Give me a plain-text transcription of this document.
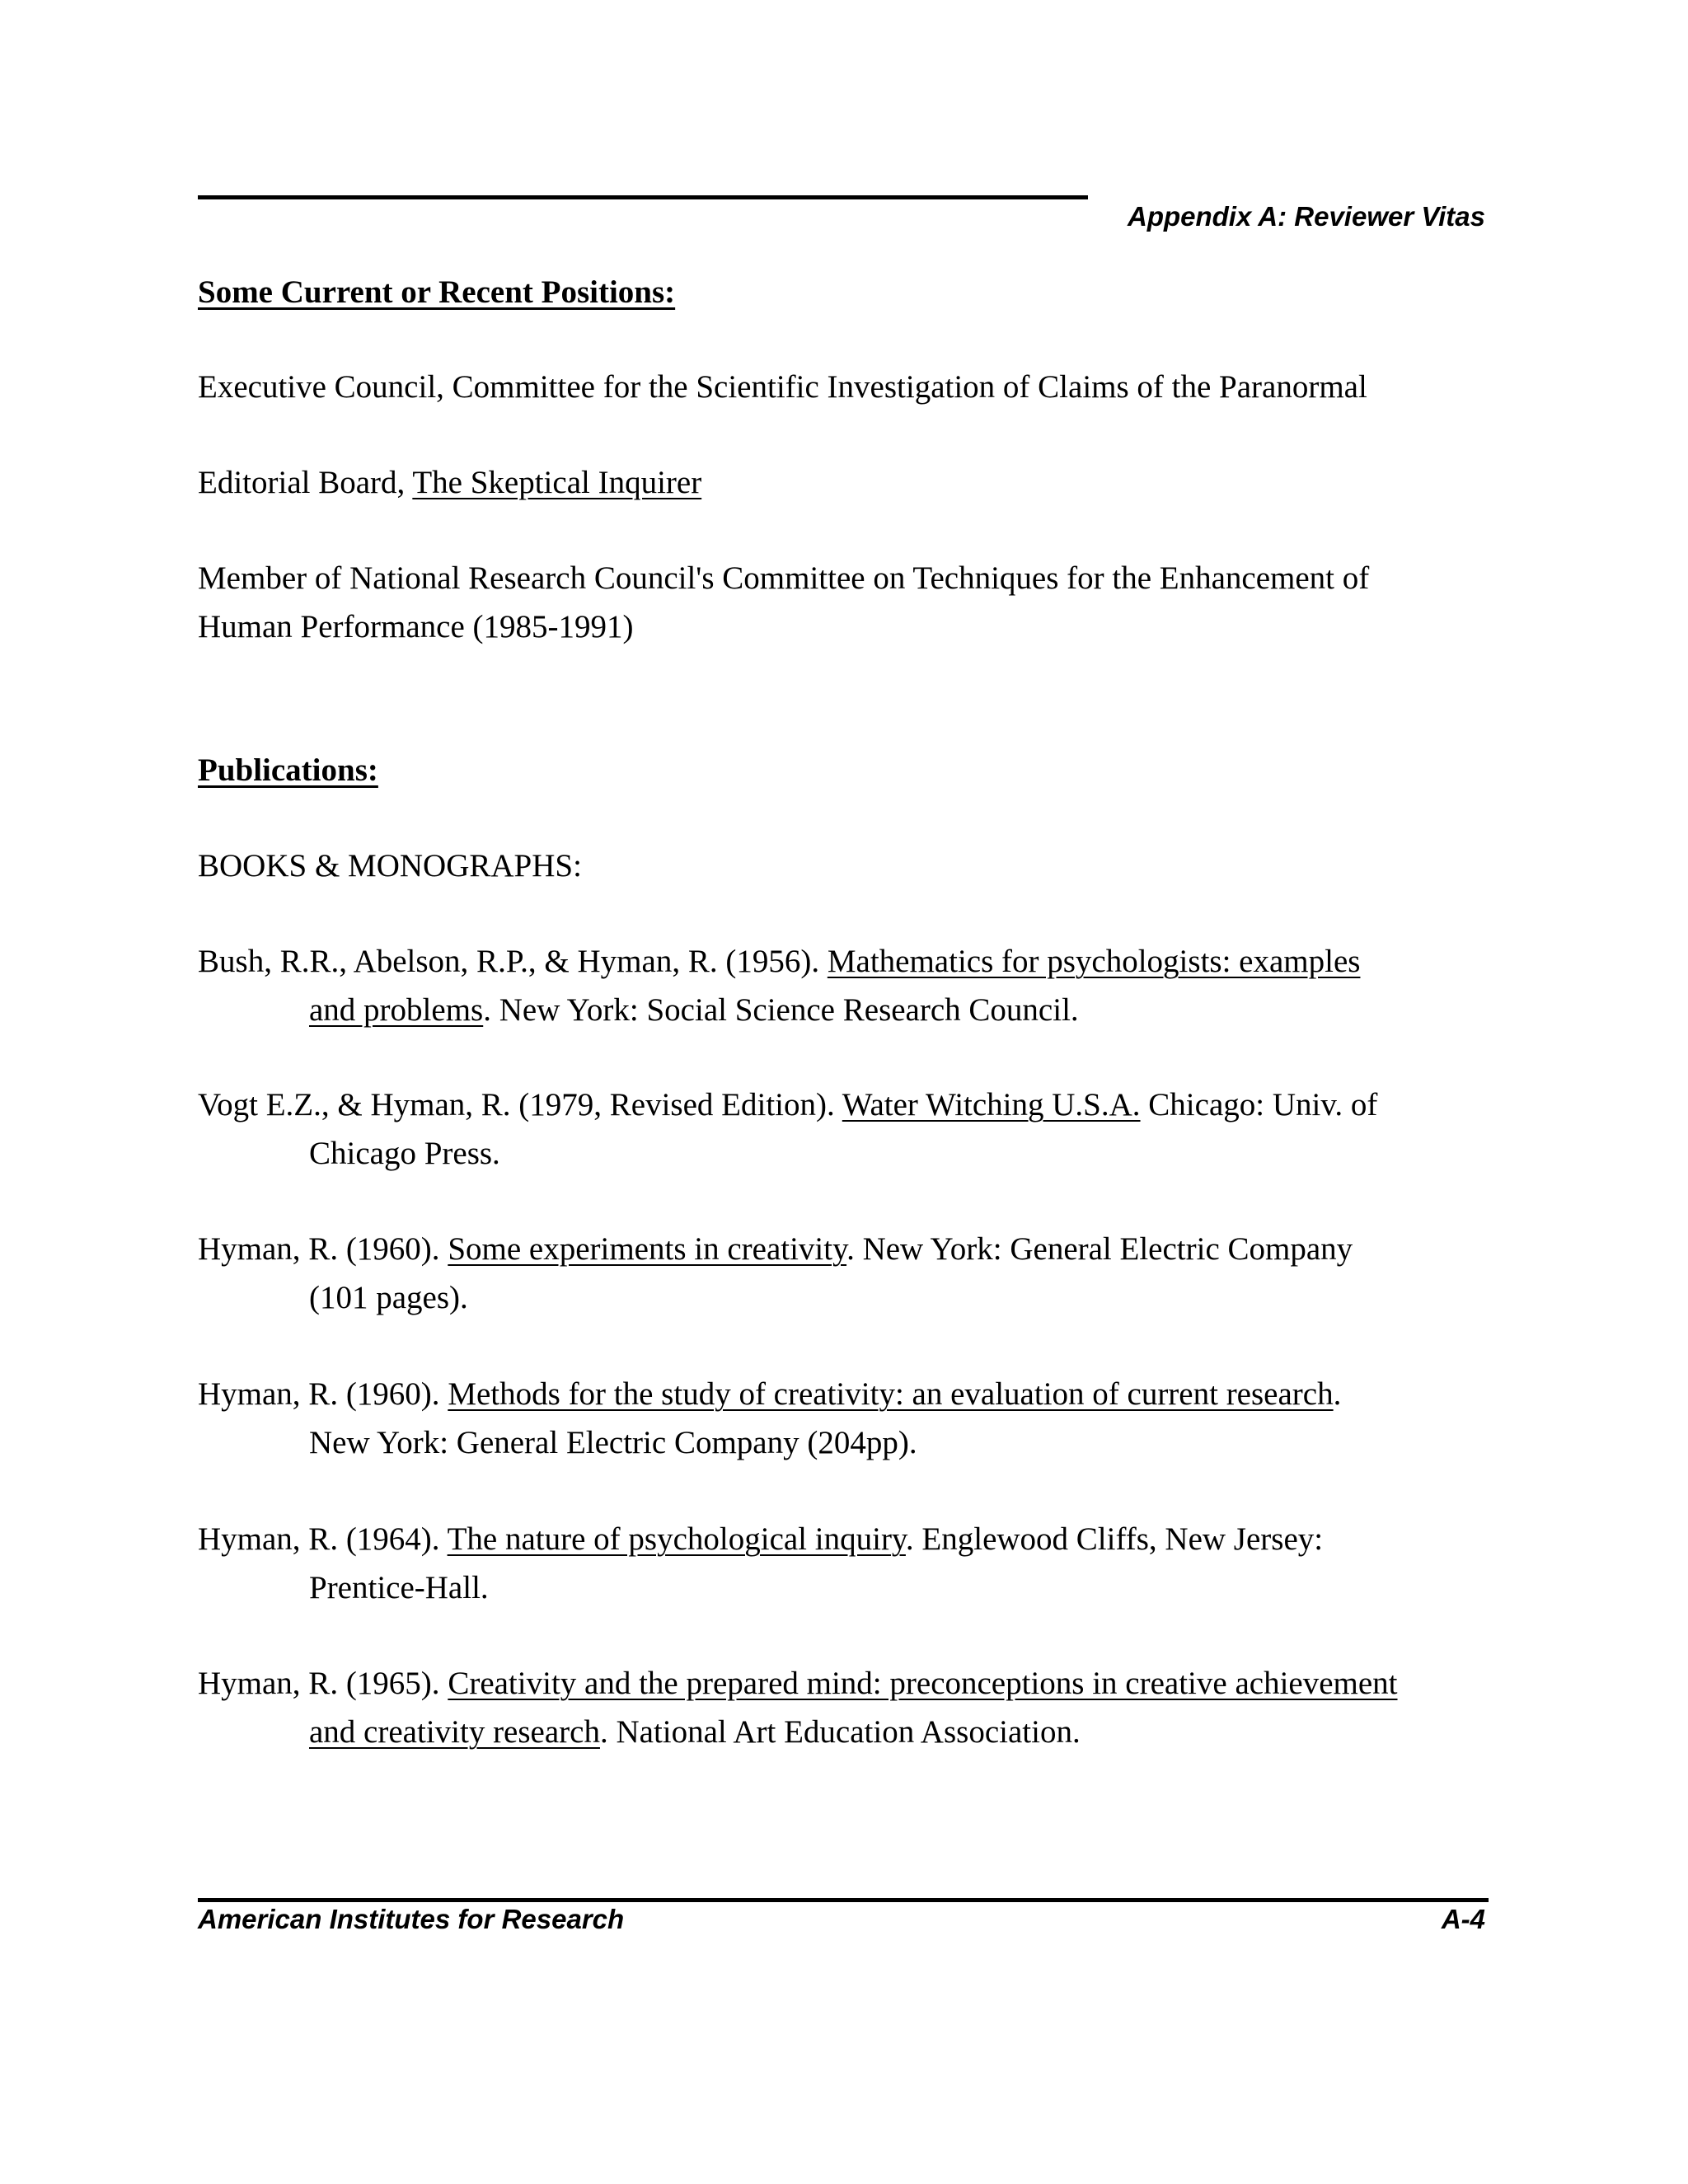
Appendix A: Reviewer Vitas
Some Current or Recent Positions:
Executive Council, Committee for the Scientific Investigation of Claims of the Paranormal
Editorial Board, The Skeptical Inquirer
Member of National Research Council's Committee on Techniques for the Enhancement of
Human Performance (1985-1991)
Publications:
BOOKS & MONOGRAPHS:
Bush, R.R., Abelson, R.P., & Hyman, R. (1956). Mathematics for psychologists: examples
and problems. New York: Social Science Research Council.
Vogt E.Z., & Hyman, R. (1979, Revised Edition). Water Witching U.S.A. Chicago: Univ. of
Chicago Press.
Hyman, R. (1960). Some experiments in creativity. New York: General Electric Company
(101 pages).
Hyman, R. (1960). Methods for the study of creativity: an evaluation of current research.
New York: General Electric Company (204pp).
Hyman, R. (1964). The nature of psychological inquiry. Englewood Cliffs, New Jersey:
Prentice-Hall.
Hyman, R. (1965). Creativity and the prepared mind: preconceptions in creative achievement
and creativity research. National Art Education Association.
American Institutes for Research	A-4
